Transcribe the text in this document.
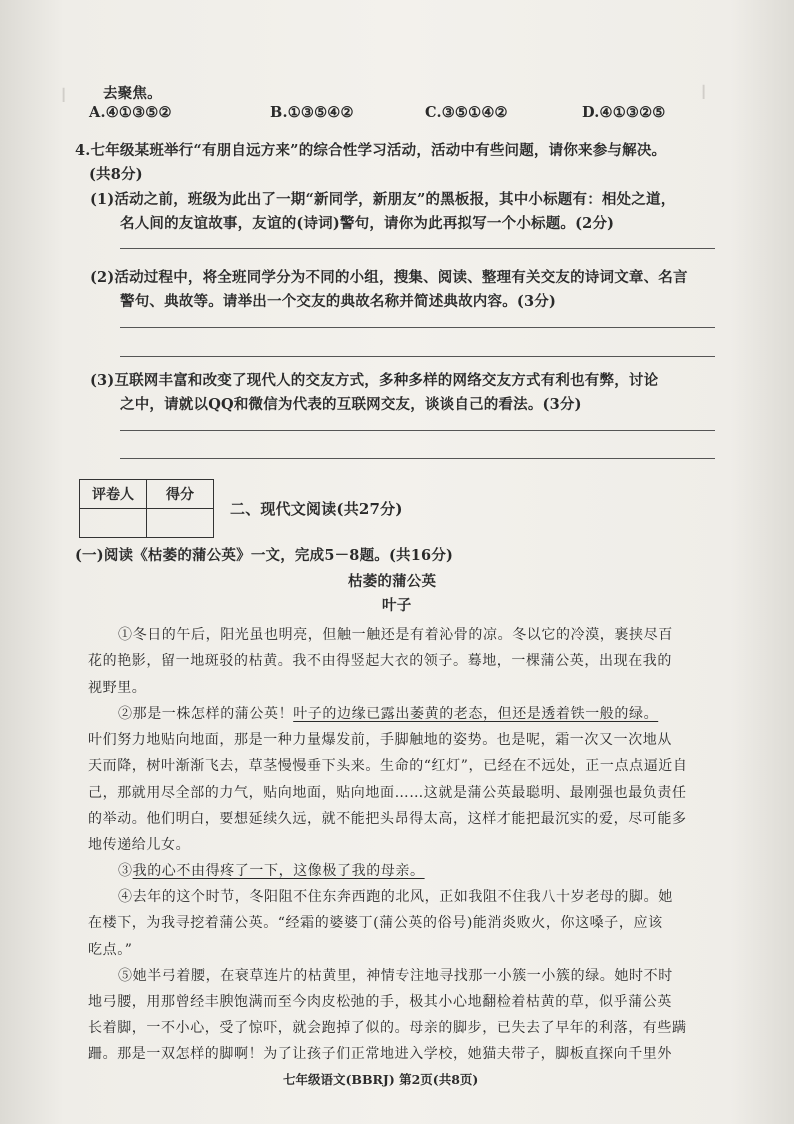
┃	┃
去聚焦。
A.④①③⑤②	B.①③⑤④②	C.③⑤①④②	D.④①③②⑤
4.七年级某班举行“有朋自远方来”的综合性学习活动，活动中有些问题，请你来参与解决。
(共8分)
(1)活动之前，班级为此出了一期“新同学，新朋友”的黑板报，其中小标题有：相处之道，
名人间的友谊故事，友谊的(诗词)警句，请你为此再拟写一个小标题。(2分)
(2)活动过程中，将全班同学分为不同的小组，搜集、阅读、整理有关交友的诗词文章、名言
警句、典故等。请举出一个交友的典故名称并简述典故内容。(3分)
(3)互联网丰富和改变了现代人的交友方式，多种多样的网络交友方式有利也有弊，讨论
之中，请就以QQ和微信为代表的互联网交友，谈谈自己的看法。(3分)
评卷人	得分

二、现代文阅读(共27分)
(一)阅读《枯萎的蒲公英》一文，完成5－8题。(共16分)
枯萎的蒲公英
叶子
①冬日的午后，阳光虽也明亮，但触一触还是有着沁骨的凉。冬以它的冷漠，裹挟尽百
花的艳影，留一地斑驳的枯黄。我不由得竖起大衣的领子。蓦地，一棵蒲公英，出现在我的
视野里。
②那是一株怎样的蒲公英！叶子的边缘已露出萎黄的老态，但还是透着铁一般的绿。
叶们努力地贴向地面，那是一种力量爆发前，手脚触地的姿势。也是呢，霜一次又一次地从
天而降，树叶渐渐飞去，草茎慢慢垂下头来。生命的“红灯”，已经在不远处，正一点点逼近自
己，那就用尽全部的力气，贴向地面，贴向地面……这就是蒲公英最聪明、最刚强也最负责任
的举动。他们明白，要想延续久远，就不能把头昂得太高，这样才能把最沉实的爱，尽可能多
地传递给儿女。
③我的心不由得疼了一下，这像极了我的母亲。
④去年的这个时节，冬阳阻不住东奔西跑的北风，正如我阻不住我八十岁老母的脚。她
在楼下，为我寻挖着蒲公英。“经霜的婆婆丁(蒲公英的俗号)能消炎败火，你这嗓子，应该
吃点。”
⑤她半弓着腰，在衰草连片的枯黄里，神情专注地寻找那一小簇一小簇的绿。她时不时
地弓腰，用那曾经丰腴饱满而至今肉皮松弛的手，极其小心地翻检着枯黄的草，似乎蒲公英
长着脚，一不小心，受了惊吓，就会跑掉了似的。母亲的脚步，已失去了早年的利落，有些蹒
跚。那是一双怎样的脚啊！为了让孩子们正常地进入学校，她猫夫带子，脚板直探向千里外
七年级语文(BBRJ) 第2页(共8页)
